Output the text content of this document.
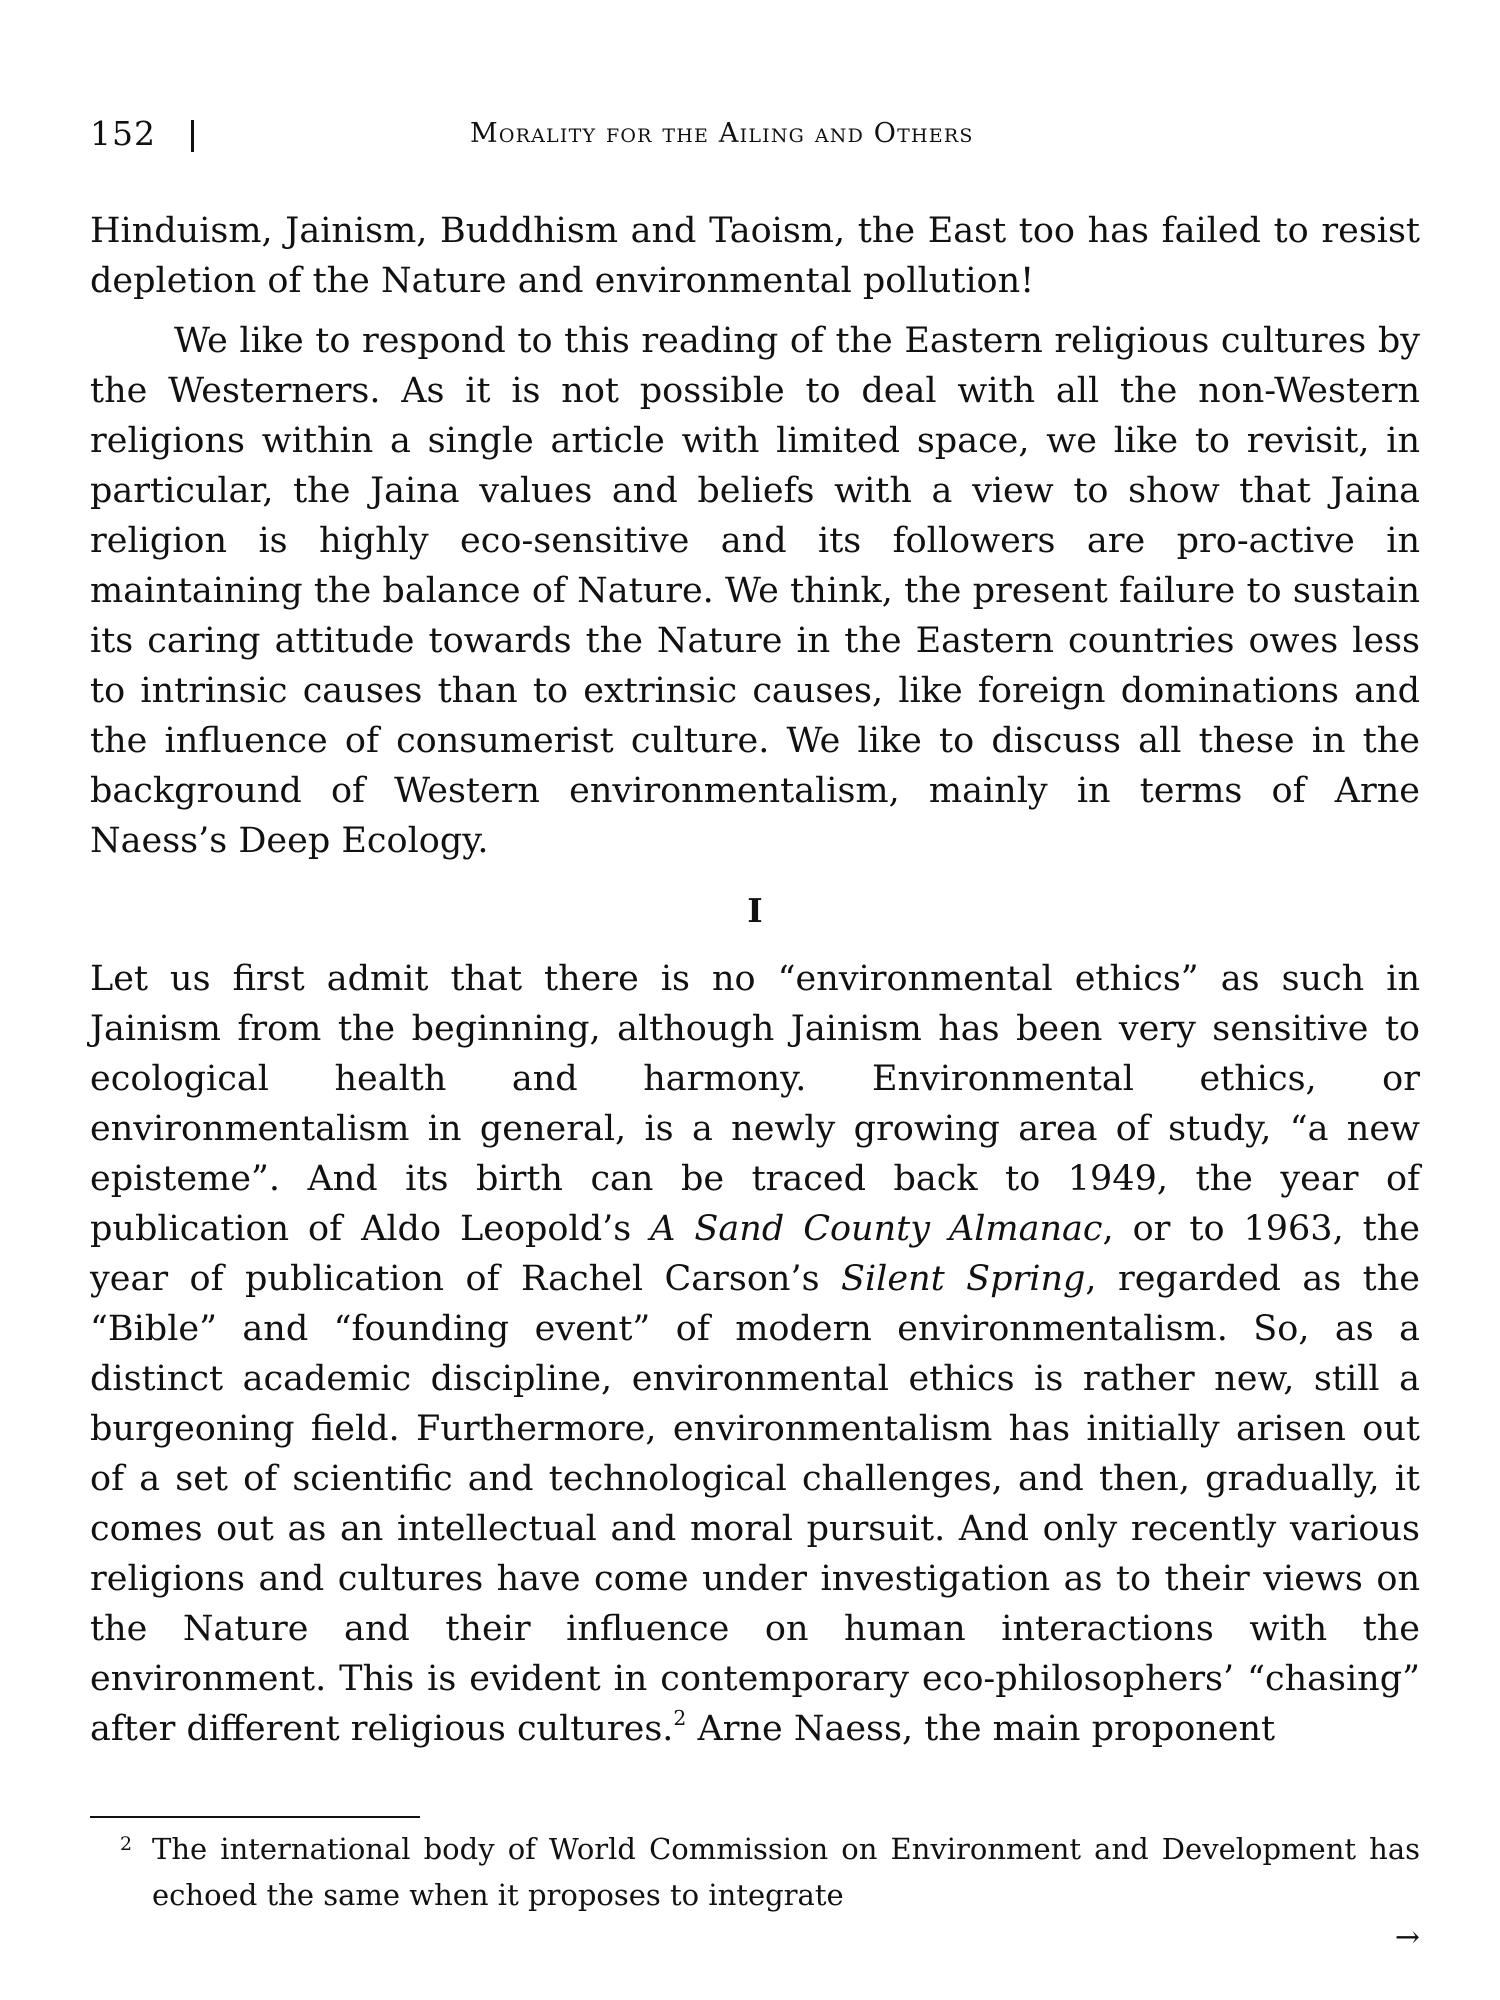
152	Morality for the Ailing and Others

Hinduism, Jainism, Buddhism and Taoism, the East too has failed to resist depletion of the Nature and environmental pollution!

We like to respond to this reading of the Eastern religious cultures by the Westerners. As it is not possible to deal with all the non-Western religions within a single article with limited space, we like to revisit, in particular, the Jaina values and beliefs with a view to show that Jaina religion is highly eco-sensitive and its followers are pro-active in maintaining the balance of Nature. We think, the present failure to sustain its caring attitude towards the Nature in the Eastern countries owes less to intrinsic causes than to extrinsic causes, like foreign dominations and the influence of consumerist culture. We like to discuss all these in the background of Western environmentalism, mainly in terms of Arne Naess’s Deep Ecology.

I

Let us first admit that there is no “environmental ethics” as such in Jainism from the beginning, although Jainism has been very sensitive to ecological health and harmony. Environmental ethics, or environmentalism in general, is a newly growing area of study, “a new episteme”. And its birth can be traced back to 1949, the year of publication of Aldo Leopold’s A Sand County Almanac, or to 1963, the year of publication of Rachel Carson’s Silent Spring, regarded as the “Bible” and “founding event” of modern environmentalism. So, as a distinct academic discipline, environmental ethics is rather new, still a burgeoning field. Furthermore, environmentalism has initially arisen out of a set of scientific and technological challenges, and then, gradually, it comes out as an intellectual and moral pursuit. And only recently various religions and cultures have come under investigation as to their views on the Nature and their influence on human interactions with the environment. This is evident in contemporary eco-philosophers’ “chasing” after different religious cultures.$^2$ Arne Naess, the main proponent

2 The international body of World Commission on Environment and Development has echoed the same when it proposes to integrate
→
